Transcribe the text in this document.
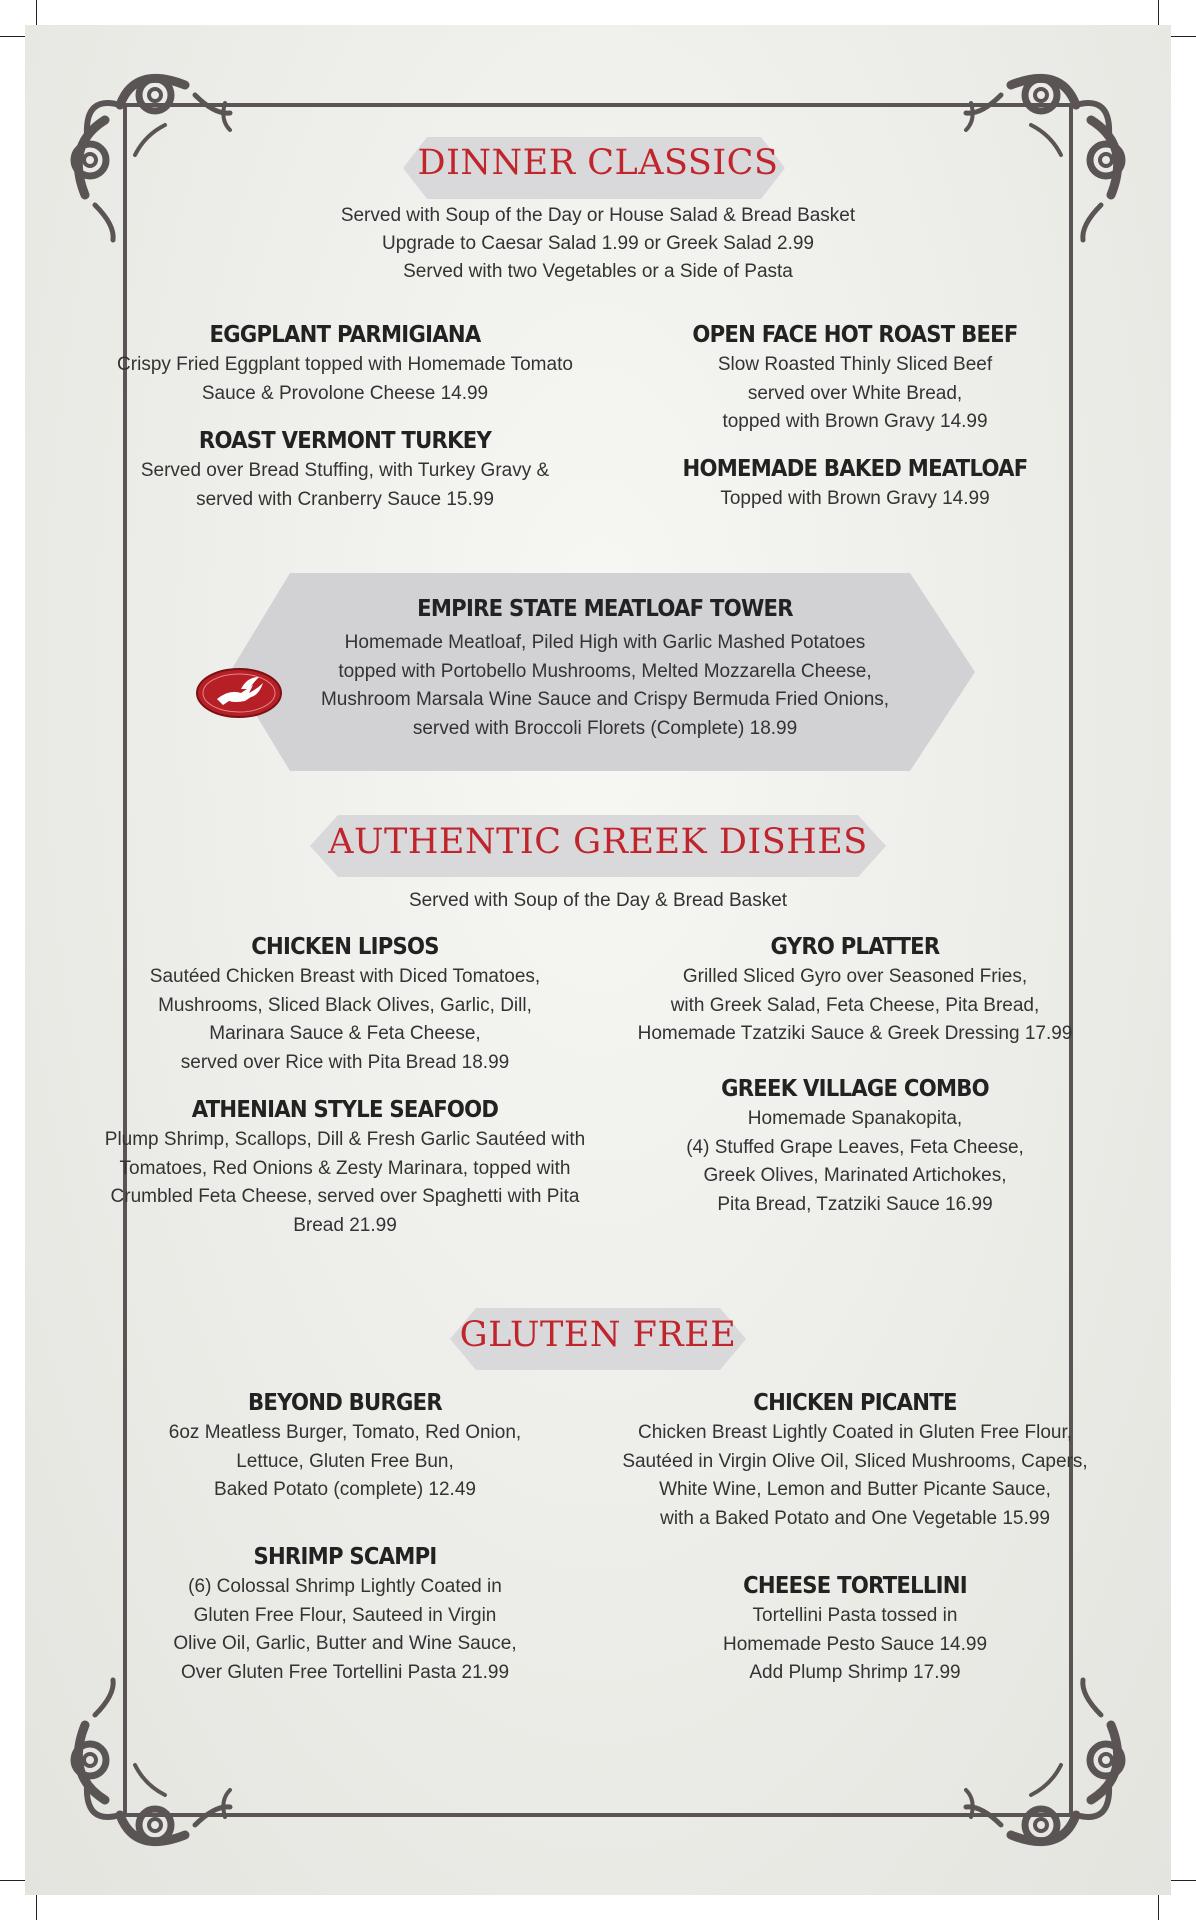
DINNER CLASSICS
Served with Soup of the Day or House Salad & Bread Basket
Upgrade to Caesar Salad 1.99 or Greek Salad 2.99
Served with two Vegetables or a Side of Pasta
EGGPLANT PARMIGIANA

Crispy Fried Eggplant topped with Homemade Tomato
Sauce & Provolone Cheese 14.99

ROAST VERMONT TURKEY

Served over Bread Stuffing, with Turkey Gravy &
served with Cranberry Sauce 15.99

OPEN FACE HOT ROAST BEEF

Slow Roasted Thinly Sliced Beef
served over White Bread,
topped with Brown Gravy 14.99

HOMEMADE BAKED MEATLOAF

Topped with Brown Gravy 14.99

EMPIRE STATE MEATLOAF TOWER

Homemade Meatloaf, Piled High with Garlic Mashed Potatoes
topped with Portobello Mushrooms, Melted Mozzarella Cheese,
Mushroom Marsala Wine Sauce and Crispy Bermuda Fried Onions,
served with Broccoli Florets (Complete) 18.99

AUTHENTIC GREEK DISHES
Served with Soup of the Day & Bread Basket
CHICKEN LIPSOS

Sautéed Chicken Breast with Diced Tomatoes,
Mushrooms, Sliced Black Olives, Garlic, Dill,
Marinara Sauce & Feta Cheese,
served over Rice with Pita Bread 18.99

ATHENIAN STYLE SEAFOOD

Plump Shrimp, Scallops, Dill & Fresh Garlic Sautéed with
Tomatoes, Red Onions & Zesty Marinara, topped with
Crumbled Feta Cheese, served over Spaghetti with Pita
Bread 21.99

GYRO PLATTER

Grilled Sliced Gyro over Seasoned Fries,
with Greek Salad, Feta Cheese, Pita Bread,
Homemade Tzatziki Sauce & Greek Dressing 17.99

GREEK VILLAGE COMBO

Homemade Spanakopita,
(4) Stuffed Grape Leaves, Feta Cheese,
Greek Olives, Marinated Artichokes,
Pita Bread, Tzatziki Sauce 16.99

GLUTEN FREE
BEYOND BURGER

6oz Meatless Burger, Tomato, Red Onion,
Lettuce, Gluten Free Bun,
Baked Potato (complete) 12.49

SHRIMP SCAMPI

(6) Colossal Shrimp Lightly Coated in
Gluten Free Flour, Sauteed in Virgin
Olive Oil, Garlic, Butter and Wine Sauce,
Over Gluten Free Tortellini Pasta 21.99

CHICKEN PICANTE

Chicken Breast Lightly Coated in Gluten Free Flour,
Sautéed in Virgin Olive Oil, Sliced Mushrooms, Capers,
White Wine, Lemon and Butter Picante Sauce,
with a Baked Potato and One Vegetable 15.99

CHEESE TORTELLINI

Tortellini Pasta tossed in
Homemade Pesto Sauce 14.99
Add Plump Shrimp 17.99
